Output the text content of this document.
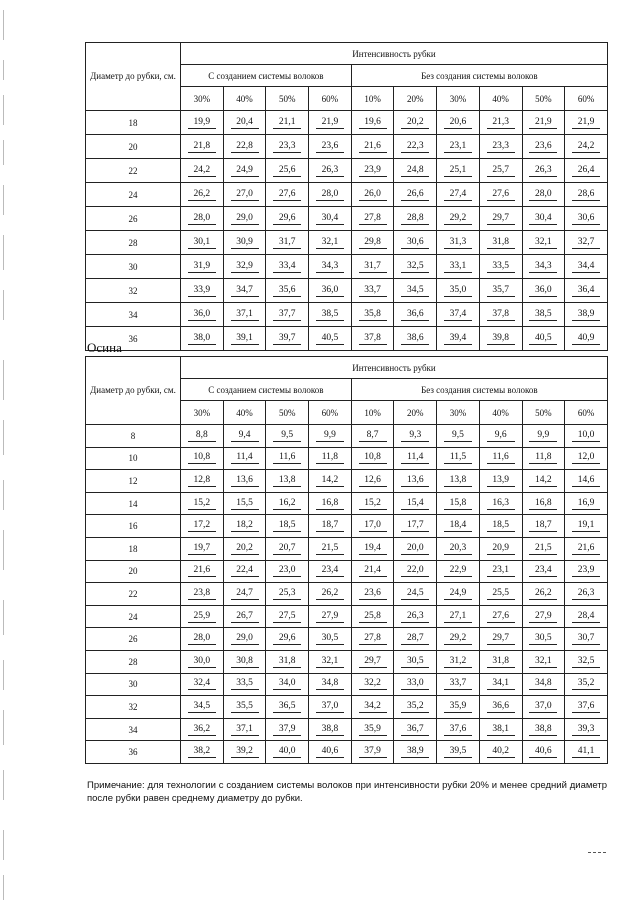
Диаметр до рубки, см.	Интенсивность рубки									
	С созданием системы волоков				Без создания системы волоков					
	30%	40%	50%	60%	10%	20%	30%	40%	50%	60%
18	19,9	20,4	21,1	21,9	19,6	20,2	20,6	21,3	21,9	21,9

20	21,8	22,8	23,3	23,6	21,6	22,3	23,1	23,3	23,6	24,2

22	24,2	24,9	25,6	26,3	23,9	24,8	25,1	25,7	26,3	26,4

24	26,2	27,0	27,6	28,0	26,0	26,6	27,4	27,6	28,0	28,6

26	28,0	29,0	29,6	30,4	27,8	28,8	29,2	29,7	30,4	30,6

28	30,1	30,9	31,7	32,1	29,8	30,6	31,3	31,8	32,1	32,7

30	31,9	32,9	33,4	34,3	31,7	32,5	33,1	33,5	34,3	34,4

32	33,9	34,7	35,6	36,0	33,7	34,5	35,0	35,7	36,0	36,4

34	36,0	37,1	37,7	38,5	35,8	36,6	37,4	37,8	38,5	38,9

36	38,0	39,1	39,7	40,5	37,8	38,6	39,4	39,8	40,5	40,9
Осина
Диаметр до рубки, см.	Интенсивность рубки									
	С созданием системы волоков				Без создания системы волоков					
	30%	40%	50%	60%	10%	20%	30%	40%	50%	60%
8	8,8	9,4	9,5	9,9	8,7	9,3	9,5	9,6	9,9	10,0

10	10,8	11,4	11,6	11,8	10,8	11,4	11,5	11,6	11,8	12,0

12	12,8	13,6	13,8	14,2	12,6	13,6	13,8	13,9	14,2	14,6

14	15,2	15,5	16,2	16,8	15,2	15,4	15,8	16,3	16,8	16,9

16	17,2	18,2	18,5	18,7	17,0	17,7	18,4	18,5	18,7	19,1

18	19,7	20,2	20,7	21,5	19,4	20,0	20,3	20,9	21,5	21,6

20	21,6	22,4	23,0	23,4	21,4	22,0	22,9	23,1	23,4	23,9

22	23,8	24,7	25,3	26,2	23,6	24,5	24,9	25,5	26,2	26,3

24	25,9	26,7	27,5	27,9	25,8	26,3	27,1	27,6	27,9	28,4

26	28,0	29,0	29,6	30,5	27,8	28,7	29,2	29,7	30,5	30,7

28	30,0	30,8	31,8	32,1	29,7	30,5	31,2	31,8	32,1	32,5

30	32,4	33,5	34,0	34,8	32,2	33,0	33,7	34,1	34,8	35,2

32	34,5	35,5	36,5	37,0	34,2	35,2	35,9	36,6	37,0	37,6

34	36,2	37,1	37,9	38,8	35,9	36,7	37,6	38,1	38,8	39,3

36	38,2	39,2	40,0	40,6	37,9	38,9	39,5	40,2	40,6	41,1
Примечание: для технологии с созданием системы волоков при интенсивности рубки 20% и менее средний диаметр после рубки равен среднему диаметру до рубки.
